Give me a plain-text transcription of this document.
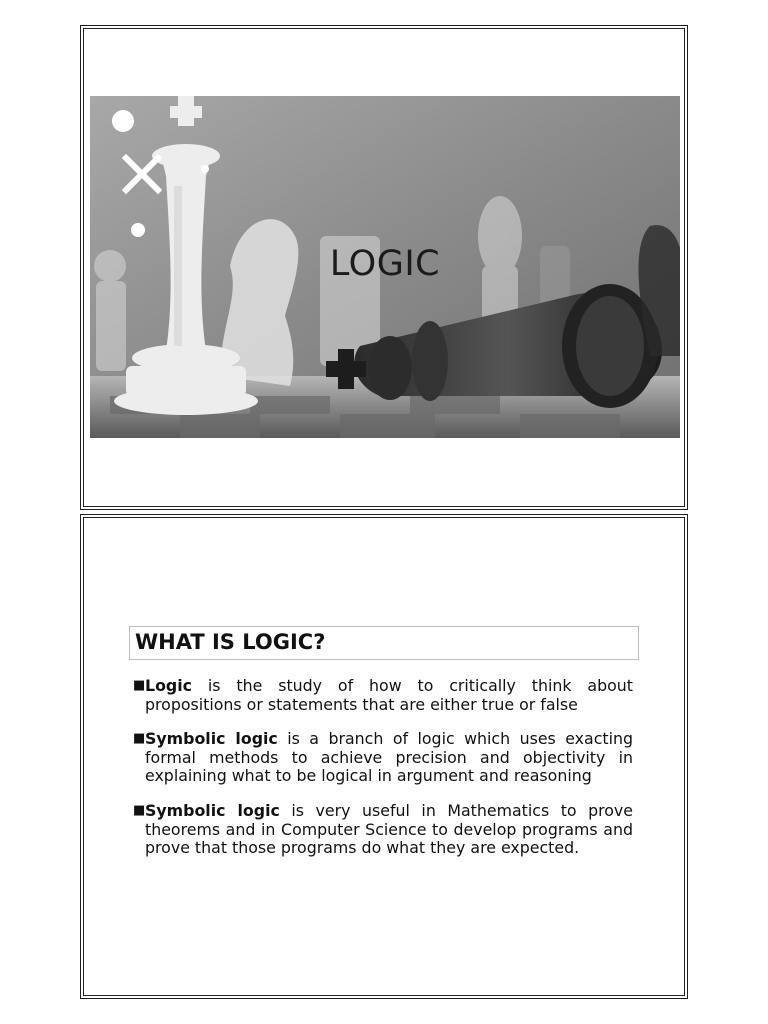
LOGIC
WHAT IS LOGIC?
■ Logic is the study of how to critically think about propositions or statements that are either true or false
■ Symbolic logic is a branch of logic which uses exacting formal methods to achieve precision and objectivity in explaining what to be logical in argument and reasoning
■ Symbolic logic is very useful in Mathematics to prove theorems and in Computer Science to develop programs and prove that those programs do what they are expected.
